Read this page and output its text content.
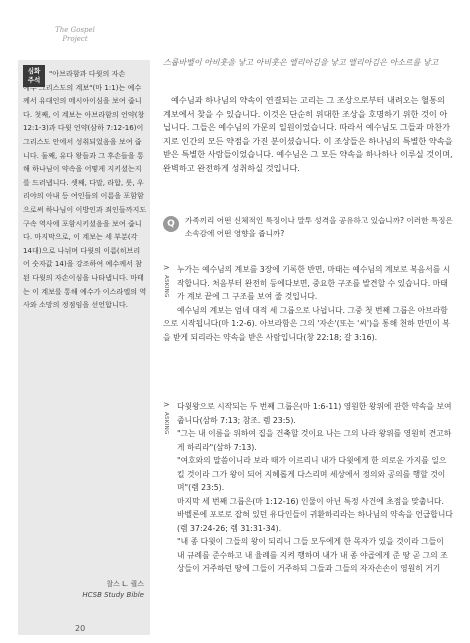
The Gospel
Project
심화
주석
"아브라함과 다윗의 자손
예수 그리스도의 계보"(마 1:1)는 예수께서 유대인의 메시아이심을 보여 줍니다. 첫째, 이 계보는 아브라함의 언약(창 12:1-3)과 다윗 언약(삼하 7:12-16)이 그리스도 안에서 성취되었음을 보여 줍니다. 둘째, 유다 왕들과 그 후손들을 통해 하나님이 약속을 어떻게 지키셨는지를 드러냅니다. 셋째, 다말, 라합, 룻, 우리야의 아내 등 여인들의 이름을 포함함으로써 하나님이 이방인과 죄인들까지도 구속 역사에 포함시키셨음을 보여 줍니다. 마지막으로, 이 계보는 세 부분(각 14대)으로 나뉘며 다윗의 이름(히브리어 숫자값 14)을 강조하여 예수께서 참된 다윗의 자손이심을 나타냅니다. 마태는 이 계보를 통해 예수가 이스라엘의 역사와 소망의 정점임을 선언합니다.
찰스 L. 퀄스
HCSB Study Bible
20
스룹바벨이 아비훗을 낳고 아비훗은 엘리아김을 낳고 엘리아김은 아소르를 낳고
예수님과 하나님의 약속이 연결되는 고리는 그 조상으로부터 내려오는 혈통의 계보에서 찾을 수 있습니다. 이것은 단순히 위대한 조상을 호명하기 위한 것이 아닙니다. 그들은 예수님의 가문의 일원이었습니다. 따라서 예수님도 그들과 마찬가지로 인간의 모든 약점을 가진 분이셨습니다. 이 조상들은 하나님의 특별한 약속을 받은 특별한 사람들이었습니다. 예수님은 그 모든 약속을 하나하나 이루실 것이며, 완벽하고 완전하게 성취하실 것입니다.
Q	가족끼리 어떤 신체적인 특징이나 말투 성격을 공유하고 있습니까? 이러한 특징은 소속감에 어떤 영향을 줍니까?
>
ASKING

누가는 예수님의 계보를 3장에 기록한 반면, 마태는 예수님의 계보로 복음서를 시작합니다. 처음부터 완전히 등에다보면, 중요한 구조를 발견할 수 있습니다. 마태가 계보 끝에 그 구조를 보여 줄 것입니다.

예수님의 계보는 엄네 대적 세 그룹으로 나뉩니다. 그중 첫 번째 그룹은 아브라함으로 시작됩니다(마 1:2-6). 아브라함은 그의 '자손'(또는 '씨')을 통해 천하 만민이 복을 받게 되리라는 약속을 받은 사람입니다(창 22:18; 갈 3:16).

>
ASKING

다윗왕으로 시작되는 두 번째 그룹은(마 1:6-11) 영원한 왕위에 관한 약속을 보여 줍니다(삼하 7:13; 참조. 렘 23:5).

"그는 내 이름을 위하여 집을 건축할 것이요 나는 그의 나라 왕위를 영원히 견고하게 하리라"(삼하 7:13).

"여호와의 말씀이니라 보라 때가 이르리니 내가 다윗에게 한 의로운 가지를 일으킬 것이라 그가 왕이 되어 지혜롭게 다스리며 세상에서 정의와 공의를 행할 것이며"(렘 23:5).

마지막 세 번째 그룹은(마 1:12-16) 인물이 아닌 특정 사건에 초점을 맞춥니다. 바벨론에 포로로 잡혀 있던 유다인들이 귀환하리라는 하나님의 약속을 언급합니다(렘 37:24-26; 렘 31:31-34).

"내 종 다윗이 그들의 왕이 되리니 그들 모두에게 한 목자가 있을 것이라 그들이 내 규례를 준수하고 내 율례를 지켜 행하며 내가 내 종 야곱에게 준 땅 곧 그의 조상들이 거주하던 땅에 그들이 거주하되 그들과 그들의 자자손손이 영원히 거기
